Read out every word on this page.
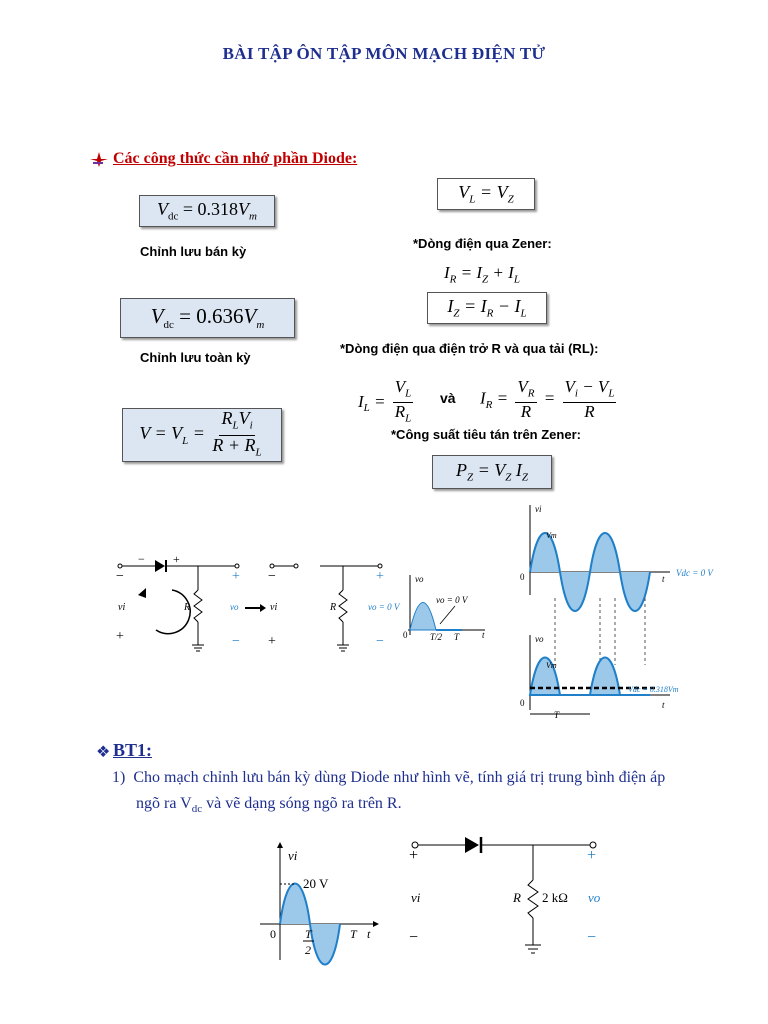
BÀI TẬP ÔN TẬP MÔN MẠCH ĐIỆN TỬ
Các công thức cần nhớ phần Diode:
$V_{dc} = 0.318V_m$
Chỉnh lưu bán kỳ
$V_{dc} = 0.636V_m$
Chỉnh lưu toàn kỳ
$V = V_L = \frac{R_LV_i}{R + R_L}$
$V_L = V_Z$
*Dòng điện qua Zener:
$I_R = I_Z + I_L$
$I_Z = I_R - I_L$
*Dòng điện qua điện trở R và qua tải (RL):
$I_L = \frac{V_L}{R_L}$ và $I_R = \frac{V_R}{R} = \frac{V_i - V_L}{R}$
*Công suất tiêu tán trên Zener:
$P_Z = V_Z$ $I_Z$
− +
−
+
vi	R
+
−
vo
−
+
vi	R
+
−
vo = 0 V
vo
vo = 0 V
0	T/2 T	t
vi
Vm
0	t
Vdc = 0 V
vo
Vm
0	t
Vdc = 0.318Vm
T
❖ BT1:
1) Cho mạch chỉnh lưu bán kỳ dùng Diode như hình vẽ, tính giá trị trung bình điện áp
ngõ ra $V_{dc}$ và vẽ dạng sóng ngõ ra trên R.
vi
20 V
0 T
2
T t
+
−
vi	R 2 kΩ
+
−
vo
